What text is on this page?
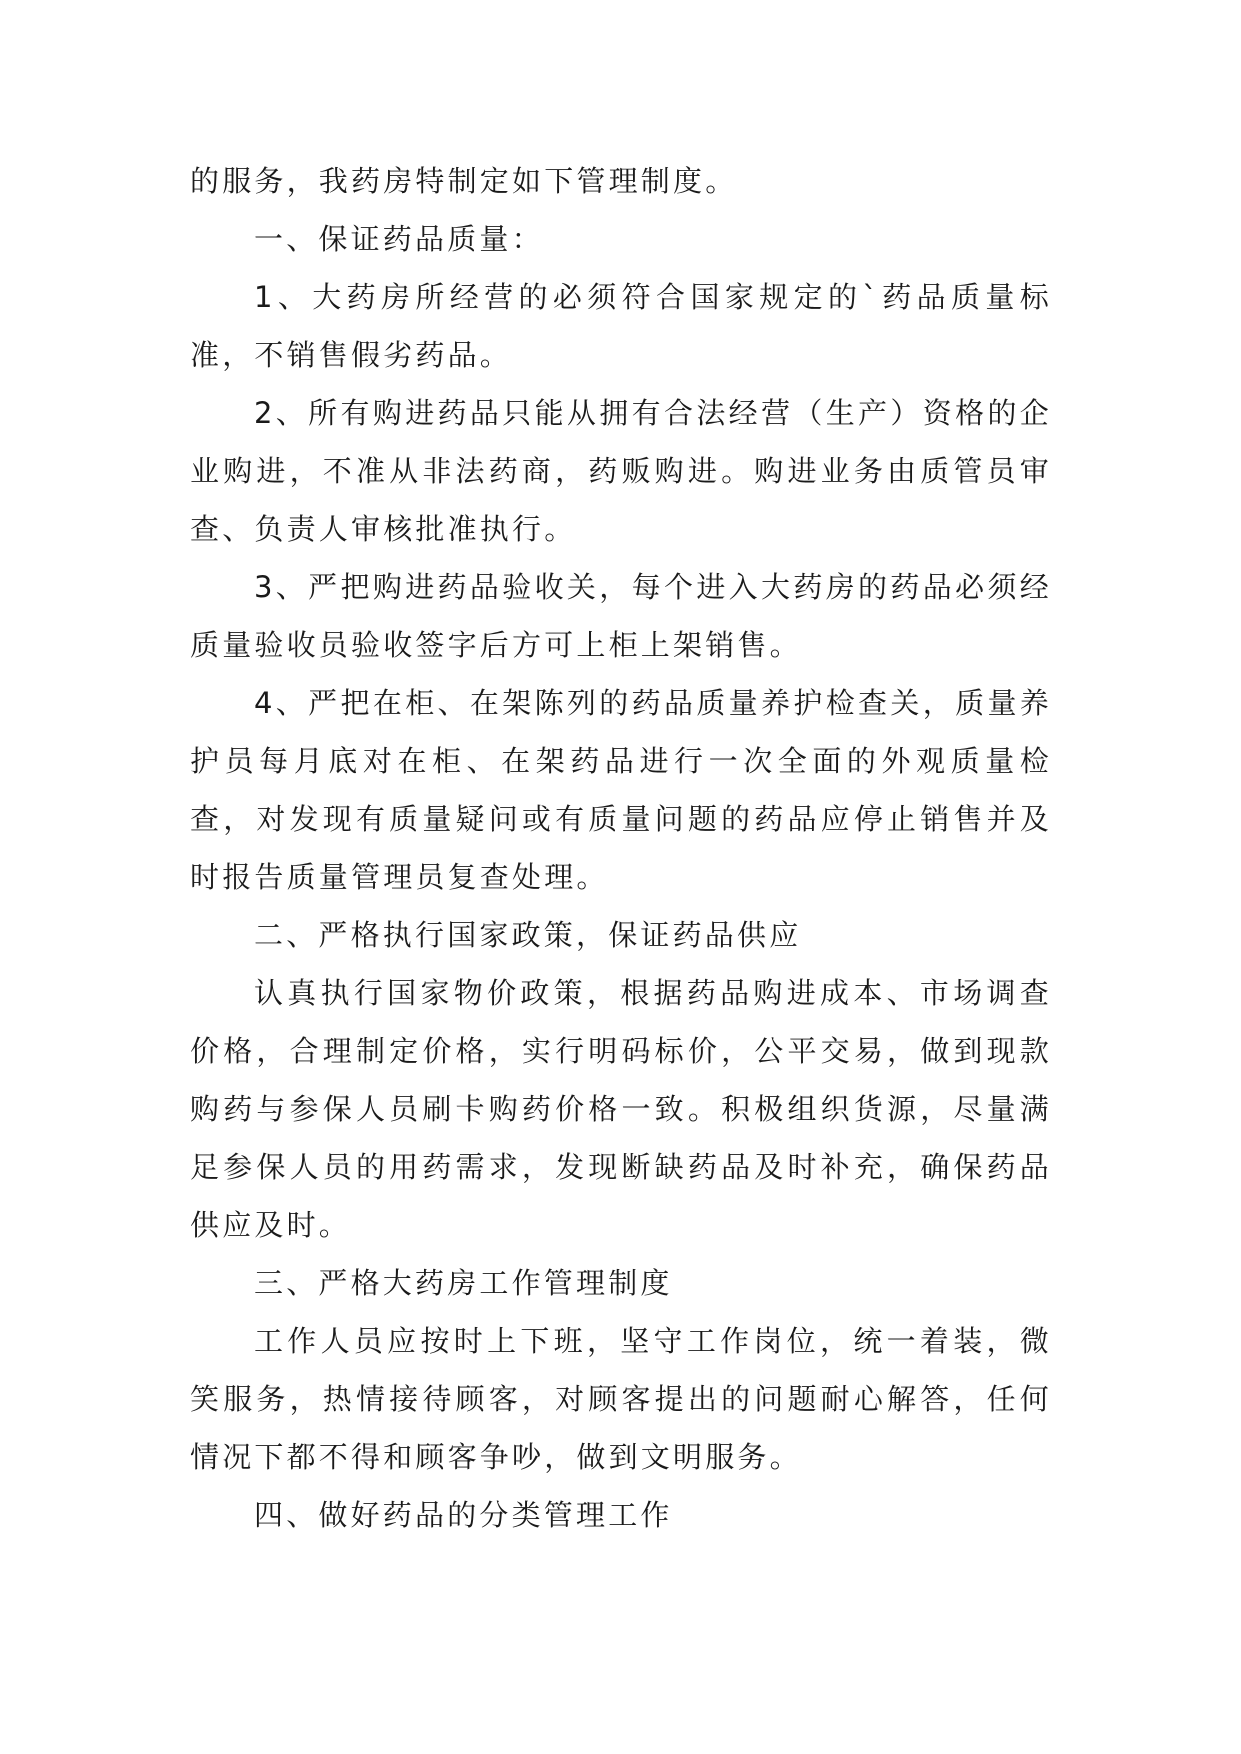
的服务，我药房特制定如下管理制度。

一、保证药品质量：

1、大药房所经营的必须符合国家规定的`药品质量标准，不销售假劣药品。

2、所有购进药品只能从拥有合法经营（生产）资格的企业购进，不准从非法药商，药贩购进。购进业务由质管员审查、负责人审核批准执行。

3、严把购进药品验收关，每个进入大药房的药品必须经质量验收员验收签字后方可上柜上架销售。

4、严把在柜、在架陈列的药品质量养护检查关，质量养护员每月底对在柜、在架药品进行一次全面的外观质量检查，对发现有质量疑问或有质量问题的药品应停止销售并及时报告质量管理员复查处理。

二、严格执行国家政策，保证药品供应

认真执行国家物价政策，根据药品购进成本、市场调查价格，合理制定价格，实行明码标价，公平交易，做到现款购药与参保人员刷卡购药价格一致。积极组织货源，尽量满足参保人员的用药需求，发现断缺药品及时补充，确保药品供应及时。

三、严格大药房工作管理制度

工作人员应按时上下班，坚守工作岗位，统一着装，微笑服务，热情接待顾客，对顾客提出的问题耐心解答，任何情况下都不得和顾客争吵，做到文明服务。

四、做好药品的分类管理工作
